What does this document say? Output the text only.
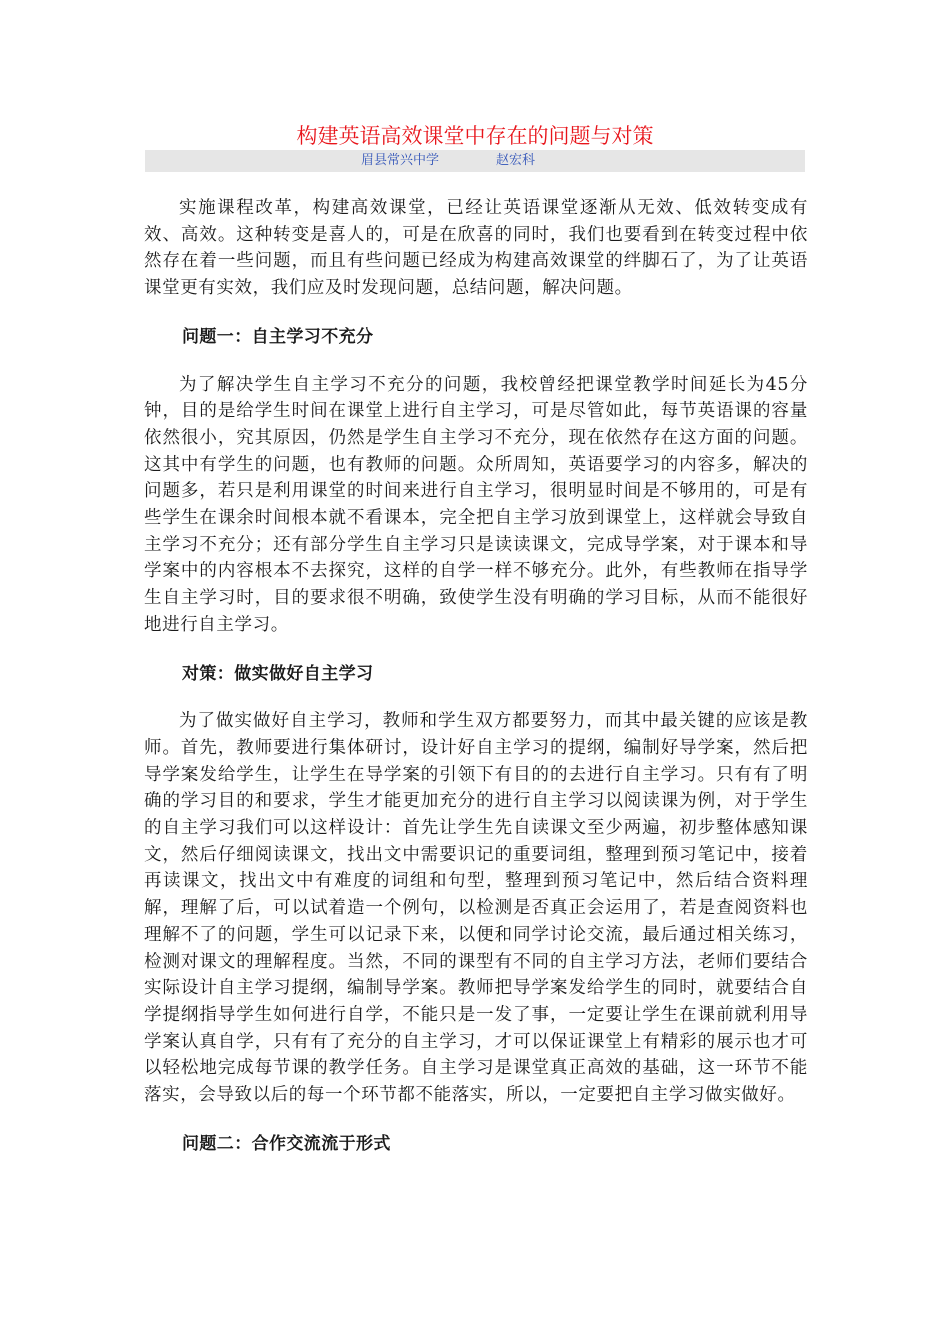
构建英语高效课堂中存在的问题与对策
眉县常兴中学	赵宏科

实施课程改革，构建高效课堂，已经让英语课堂逐渐从无效、低效转变成有效、高效。这种转变是喜人的，可是在欣喜的同时，我们也要看到在转变过程中依然存在着一些问题，而且有些问题已经成为构建高效课堂的绊脚石了，为了让英语课堂更有实效，我们应及时发现问题，总结问题，解决问题。

问题一：自主学习不充分

为了解决学生自主学习不充分的问题，我校曾经把课堂教学时间延长为45分钟，目的是给学生时间在课堂上进行自主学习，可是尽管如此，每节英语课的容量依然很小，究其原因，仍然是学生自主学习不充分，现在依然存在这方面的问题。这其中有学生的问题，也有教师的问题。众所周知，英语要学习的内容多，解决的问题多，若只是利用课堂的时间来进行自主学习，很明显时间是不够用的，可是有些学生在课余时间根本就不看课本，完全把自主学习放到课堂上，这样就会导致自主学习不充分；还有部分学生自主学习只是读读课文，完成导学案，对于课本和导学案中的内容根本不去探究，这样的自学一样不够充分。此外，有些教师在指导学生自主学习时，目的要求很不明确，致使学生没有明确的学习目标，从而不能很好地进行自主学习。

对策：做实做好自主学习

为了做实做好自主学习，教师和学生双方都要努力，而其中最关键的应该是教师。首先，教师要进行集体研讨，设计好自主学习的提纲，编制好导学案，然后把导学案发给学生，让学生在导学案的引领下有目的的去进行自主学习。只有有了明确的学习目的和要求，学生才能更加充分的进行自主学习以阅读课为例，对于学生的自主学习我们可以这样设计：首先让学生先自读课文至少两遍，初步整体感知课文，然后仔细阅读课文，找出文中需要识记的重要词组，整理到预习笔记中，接着再读课文，找出文中有难度的词组和句型，整理到预习笔记中，然后结合资料理解，理解了后，可以试着造一个例句，以检测是否真正会运用了，若是查阅资料也理解不了的问题，学生可以记录下来，以便和同学讨论交流，最后通过相关练习，检测对课文的理解程度。当然，不同的课型有不同的自主学习方法，老师们要结合实际设计自主学习提纲，编制导学案。教师把导学案发给学生的同时，就要结合自学提纲指导学生如何进行自学，不能只是一发了事，一定要让学生在课前就利用导学案认真自学，只有有了充分的自主学习，才可以保证课堂上有精彩的展示也才可以轻松地完成每节课的教学任务。自主学习是课堂真正高效的基础，这一环节不能落实，会导致以后的每一个环节都不能落实，所以，一定要把自主学习做实做好。

问题二：合作交流流于形式
